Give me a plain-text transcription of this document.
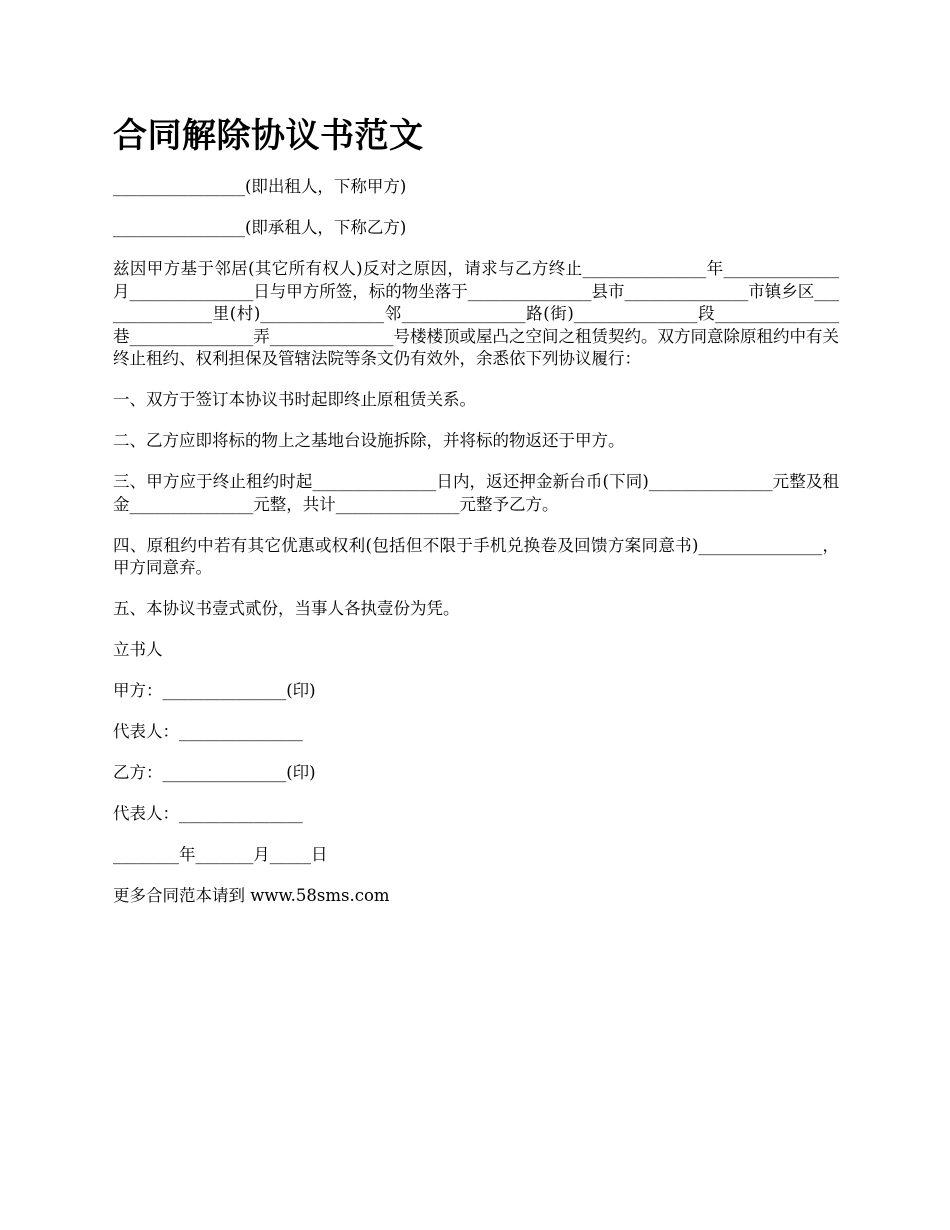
合同解除协议书范文

________________(即出租人，下称甲方)

________________(即承租人，下称乙方)

兹因甲方基于邻居(其它所有权人)反对之原因，请求与乙方终止_______________年______________月_______________日与甲方所签，标的物坐落于_______________县市_______________市镇乡区_______________里(村)_______________邻_______________路(街)_______________段_______________巷_______________弄_______________号楼楼顶或屋凸之空间之租赁契约。双方同意除原租约中有关终止租约、权利担保及管辖法院等条文仍有效外，余悉依下列协议履行：

一、双方于签订本协议书时起即终止原租赁关系。

二、乙方应即将标的物上之基地台设施拆除，并将标的物返还于甲方。

三、甲方应于终止租约时起_______________日内，返还押金新台币(下同)_______________元整及租金_______________元整，共计_______________元整予乙方。

四、原租约中若有其它优惠或权利(包括但不限于手机兑换卷及回馈方案同意书)_______________，甲方同意弃。

五、本协议书壹式贰份，当事人各执壹份为凭。

立书人

甲方：_______________(印)

代表人：_______________

乙方：_______________(印)

代表人：_______________

________年_______月_____日

更多合同范本请到 www.58sms.com
